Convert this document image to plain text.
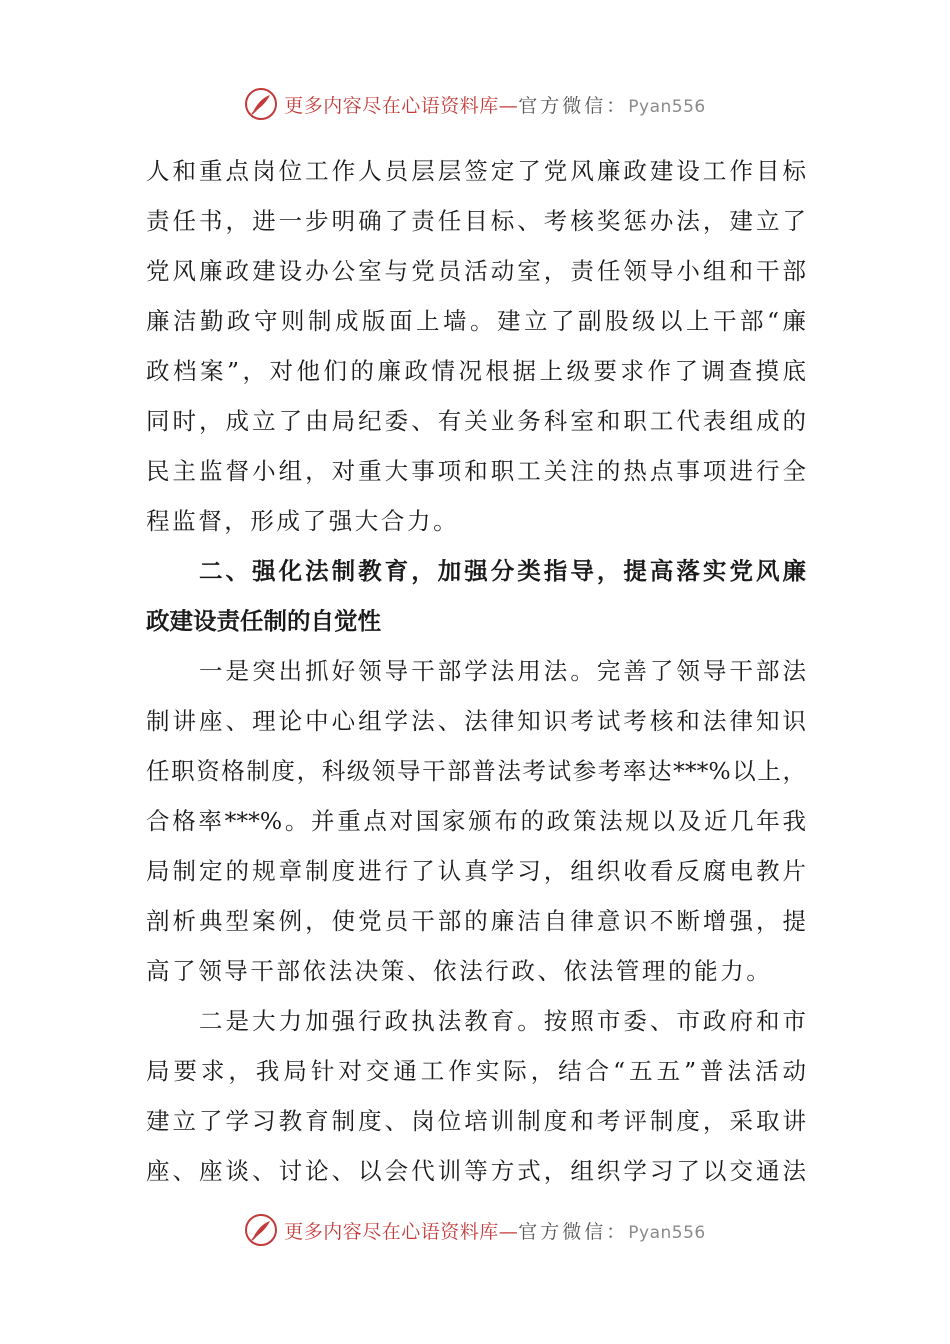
更多内容尽在心语资料库—官方微信：Pyan556
人和重点岗位工作人员层层签定了党风廉政建设工作目标
责任书，进一步明确了责任目标、考核奖惩办法，建立了
党风廉政建设办公室与党员活动室，责任领导小组和干部
廉洁勤政守则制成版面上墙。建立了副股级以上干部“廉
政档案”，对他们的廉政情况根据上级要求作了调查摸底
同时，成立了由局纪委、有关业务科室和职工代表组成的
民主监督小组，对重大事项和职工关注的热点事项进行全
程监督，形成了强大合力。
　　二、强化法制教育，加强分类指导，提高落实党风廉
政建设责任制的自觉性
　　一是突出抓好领导干部学法用法。完善了领导干部法
制讲座、理论中心组学法、法律知识考试考核和法律知识
任职资格制度，科级领导干部普法考试参考率达***%以上，
合格率***%。并重点对国家颁布的政策法规以及近几年我
局制定的规章制度进行了认真学习，组织收看反腐电教片
剖析典型案例，使党员干部的廉洁自律意识不断增强，提
高了领导干部依法决策、依法行政、依法管理的能力。
　　二是大力加强行政执法教育。按照市委、市政府和市
局要求，我局针对交通工作实际，结合“五五”普法活动
建立了学习教育制度、岗位培训制度和考评制度，采取讲
座、座谈、讨论、以会代训等方式，组织学习了以交通法
更多内容尽在心语资料库—官方微信：Pyan556
